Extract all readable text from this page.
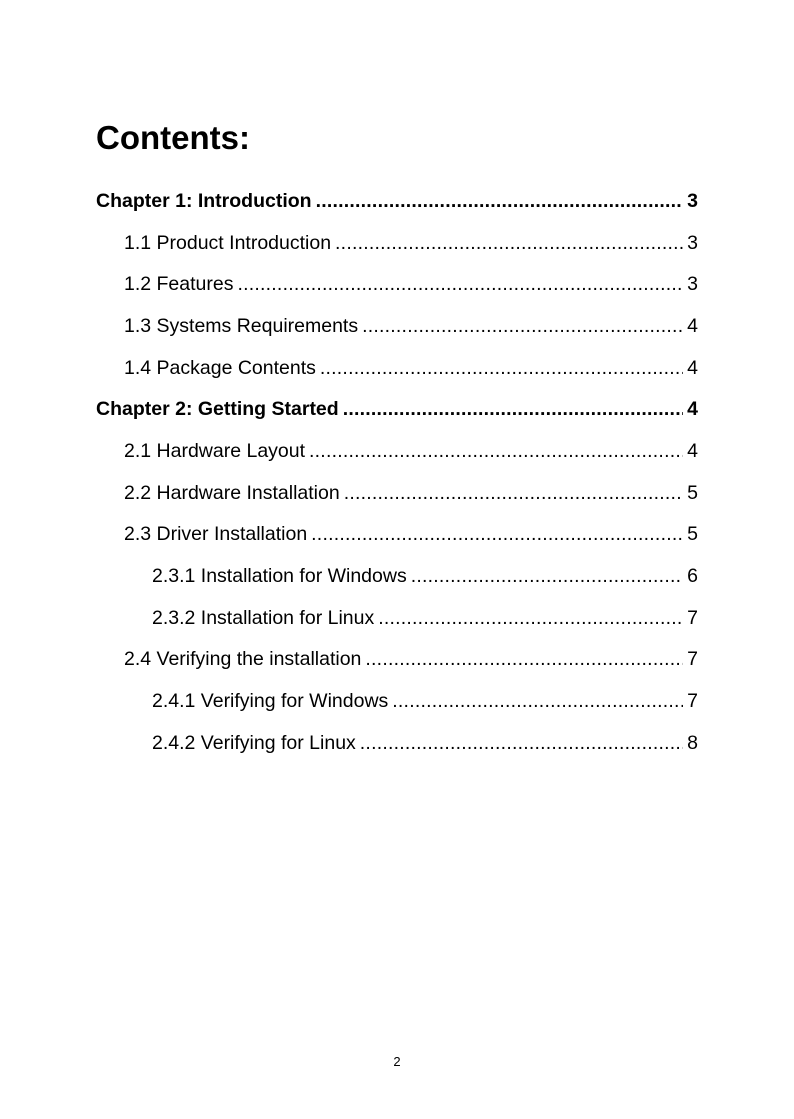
Contents:
Chapter 1: Introduction . . .	3
1.1 Product Introduction . . .	3
1.2 Features . . .	3
1.3 Systems Requirements . . .	4
1.4 Package Contents . . .	4
Chapter 2: Getting Started . . .	4
2.1 Hardware Layout . . .	4
2.2 Hardware Installation . . .	5
2.3 Driver Installation . . .	5
2.3.1 Installation for Windows . . .	6
2.3.2 Installation for Linux . . .	7
2.4 Verifying the installation . . .	7
2.4.1 Verifying for Windows . . .	7
2.4.2 Verifying for Linux . . .	8
2
